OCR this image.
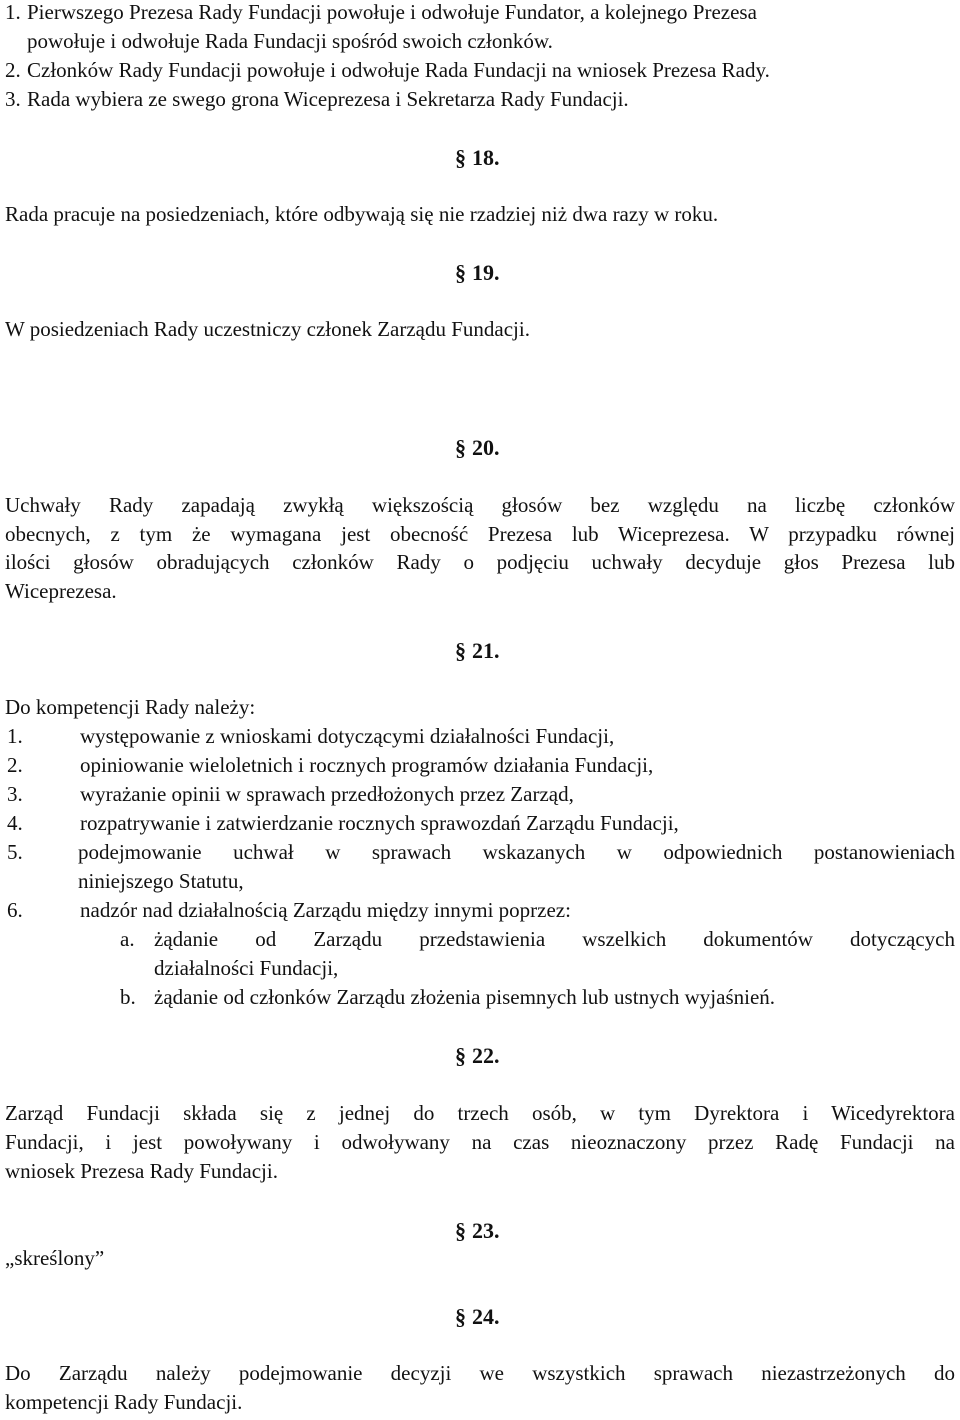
1. Pierwszego Prezesa Rady Fundacji powołuje i odwołuje Fundator, a kolejnego Prezesa
powołuje i odwołuje Rada Fundacji spośród swoich członków.
2. Członków Rady Fundacji powołuje i odwołuje Rada Fundacji na wniosek Prezesa Rady.
3. Rada wybiera ze swego grona Wiceprezesa i Sekretarza Rady Fundacji.
§ 18.
Rada pracuje na posiedzeniach, które odbywają się nie rzadziej niż dwa razy w roku.
§ 19.
W posiedzeniach Rady uczestniczy członek Zarządu Fundacji.
§ 20.
Uchwały Rady zapadają zwykłą większością głosów bez względu na liczbę członków
obecnych, z tym że wymagana jest obecność Prezesa lub Wiceprezesa. W przypadku równej
ilości głosów obradujących członków Rady o podjęciu uchwały decyduje głos Prezesa lub
Wiceprezesa.
§ 21.
Do kompetencji Rady należy:
1.	występowanie z wnioskami dotyczącymi działalności Fundacji,
2.	opiniowanie wieloletnich i rocznych programów działania Fundacji,
3.	wyrażanie opinii w sprawach przedłożonych przez Zarząd,
4.	rozpatrywanie i zatwierdzanie rocznych sprawozdań Zarządu Fundacji,
5.	podejmowanie uchwał w sprawach wskazanych w odpowiednich postanowieniach
niniejszego Statutu,
6.	nadzór nad działalnością Zarządu między innymi poprzez:
a. żądanie od Zarządu przedstawienia wszelkich dokumentów dotyczących
działalności Fundacji,
b. żądanie od członków Zarządu złożenia pisemnych lub ustnych wyjaśnień.
§ 22.
Zarząd Fundacji składa się z jednej do trzech osób, w tym Dyrektora i Wicedyrektora
Fundacji, i jest powoływany i odwoływany na czas nieoznaczony przez Radę Fundacji na
wniosek Prezesa Rady Fundacji.
§ 23.
„skreślony”
§ 24.
Do Zarządu należy podejmowanie decyzji we wszystkich sprawach niezastrzeżonych do
kompetencji Rady Fundacji.
